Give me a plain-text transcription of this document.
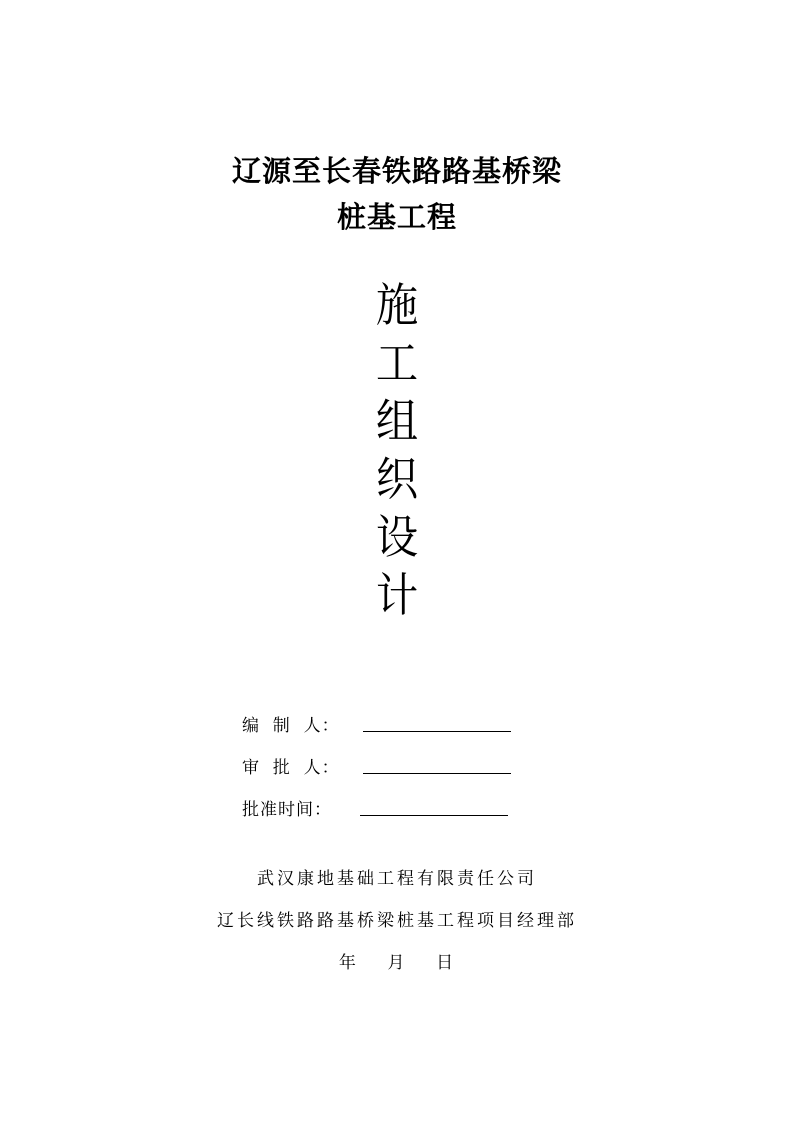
辽源至长春铁路路基桥梁
桩基工程
施
工
组
织
设
计
编  制  人：
审  批  人：
批准时间：
武汉康地基础工程有限责任公司
辽长线铁路路基桥梁桩基工程项目经理部
年    月    日
